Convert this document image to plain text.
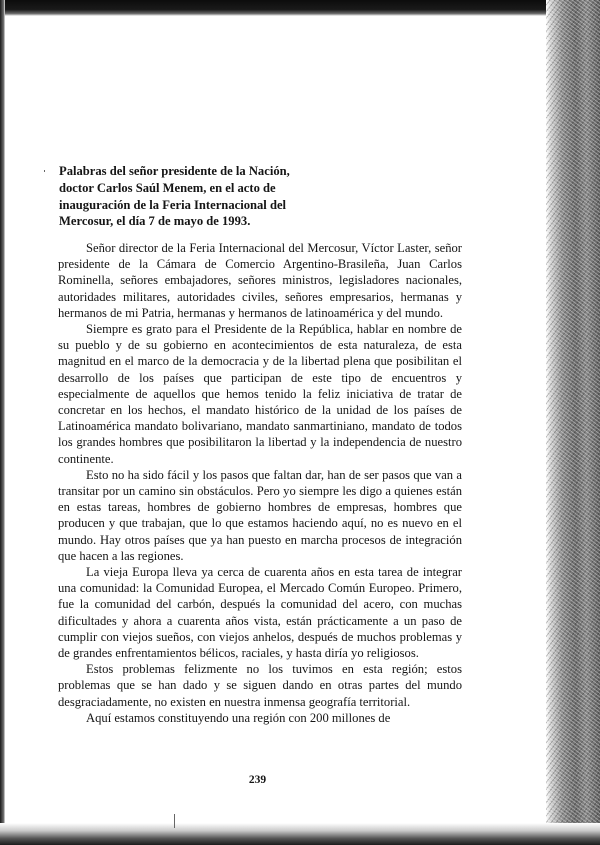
Palabras del señor presidente de la Nación, doctor Carlos Saúl Menem, en el acto de inauguración de la Feria Internacional del Mercosur, el día 7 de mayo de 1993.

Señor director de la Feria Internacional del Mercosur, Víctor Laster, señor presidente de la Cámara de Comercio Argentino-Brasileña, Juan Carlos Rominella, señores embajadores, señores ministros, legisladores nacionales, autoridades militares, autoridades civiles, señores empresarios, hermanas y hermanos de mi Patria, hermanas y hermanos de latinoamérica y del mundo.

Siempre es grato para el Presidente de la República, hablar en nombre de su pueblo y de su gobierno en acontecimientos de esta naturaleza, de esta magnitud en el marco de la democracia y de la libertad plena que posibilitan el desarrollo de los países que participan de este tipo de encuentros y especialmente de aquellos que hemos tenido la feliz iniciativa de tratar de concretar en los hechos, el mandato histórico de la unidad de los países de Latinoamérica mandato bolivariano, mandato sanmartiniano, mandato de todos los grandes hombres que posibilitaron la libertad y la independencia de nuestro continente.

Esto no ha sido fácil y los pasos que faltan dar, han de ser pasos que van a transitar por un camino sin obstáculos. Pero yo siempre les digo a quienes están en estas tareas, hombres de gobierno hombres de empresas, hombres que producen y que trabajan, que lo que estamos haciendo aquí, no es nuevo en el mundo. Hay otros países que ya han puesto en marcha procesos de integración que hacen a las regiones.

La vieja Europa lleva ya cerca de cuarenta años en esta tarea de integrar una comunidad: la Comunidad Europea, el Mercado Común Europeo. Primero, fue la comunidad del carbón, después la comunidad del acero, con muchas dificultades y ahora a cuarenta años vista, están prácticamente a un paso de cumplir con viejos sueños, con viejos anhelos, después de muchos problemas y de grandes enfrentamientos bélicos, raciales, y hasta diría yo religiosos.

Estos problemas felizmente no los tuvimos en esta región; estos problemas que se han dado y se siguen dando en otras partes del mundo desgraciadamente, no existen en nuestra inmensa geografía territorial.

Aquí estamos constituyendo una región con 200 millones de

239
